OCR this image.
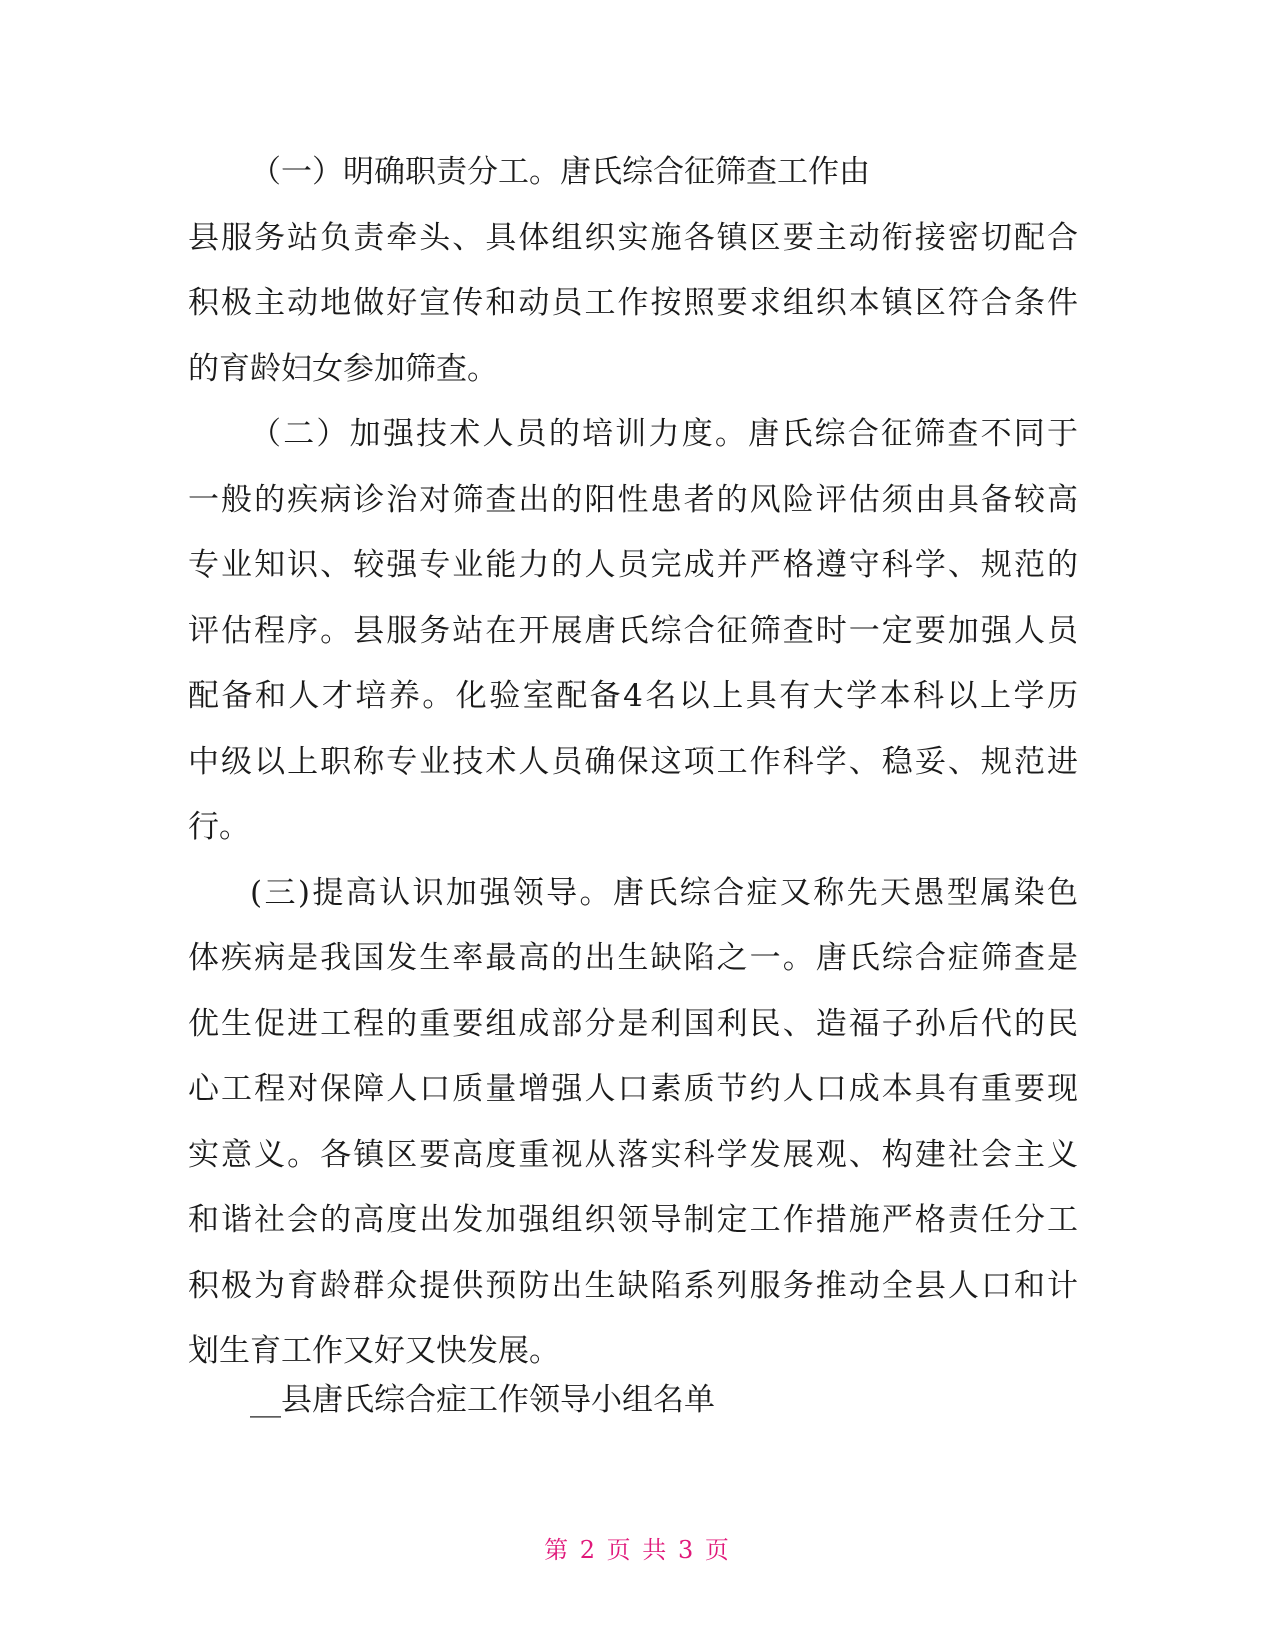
（一）明确职责分工。唐氏综合征筛查工作由
县服务站负责牵头、具体组织实施各镇区要主动衔接密切配合
积极主动地做好宣传和动员工作按照要求组织本镇区符合条件
的育龄妇女参加筛查。
（二）加强技术人员的培训力度。唐氏综合征筛查不同于
一般的疾病诊治对筛查出的阳性患者的风险评估须由具备较高
专业知识、较强专业能力的人员完成并严格遵守科学、规范的
评估程序。县服务站在开展唐氏综合征筛查时一定要加强人员
配备和人才培养。化验室配备4名以上具有大学本科以上学历
中级以上职称专业技术人员确保这项工作科学、稳妥、规范进
行。
(三)提高认识加强领导。唐氏综合症又称先天愚型属染色
体疾病是我国发生率最高的出生缺陷之一。唐氏综合症筛查是
优生促进工程的重要组成部分是利国利民、造福子孙后代的民
心工程对保障人口质量增强人口素质节约人口成本具有重要现
实意义。各镇区要高度重视从落实科学发展观、构建社会主义
和谐社会的高度出发加强组织领导制定工作措施严格责任分工
积极为育龄群众提供预防出生缺陷系列服务推动全县人口和计
划生育工作又好又快发展。
__县唐氏综合症工作领导小组名单
第 2 页 共 3 页
